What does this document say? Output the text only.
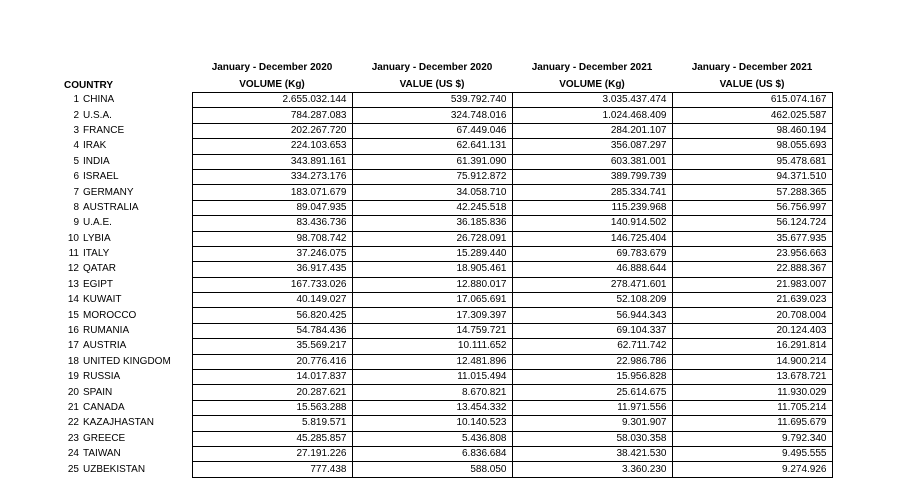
		January - December 2020	January - December 2020	January - December 2021	January - December 2021
COUNTRY		VOLUME (Kg)	VALUE (US $)	VOLUME (Kg)	VALUE (US $)
1	CHINA	2.655.032.144	539.792.740	3.035.437.474	615.074.167
2	U.S.A.	784.287.083	324.748.016	1.024.468.409	462.025.587
3	FRANCE	202.267.720	67.449.046	284.201.107	98.460.194
4	IRAK	224.103.653	62.641.131	356.087.297	98.055.693
5	INDIA	343.891.161	61.391.090	603.381.001	95.478.681
6	ISRAEL	334.273.176	75.912.872	389.799.739	94.371.510
7	GERMANY	183.071.679	34.058.710	285.334.741	57.288.365
8	AUSTRALIA	89.047.935	42.245.518	115.239.968	56.756.997
9	U.A.E.	83.436.736	36.185.836	140.914.502	56.124.724
10	LYBIA	98.708.742	26.728.091	146.725.404	35.677.935
11	ITALY	37.246.075	15.289.440	69.783.679	23.956.663
12	QATAR	36.917.435	18.905.461	46.888.644	22.888.367
13	EGIPT	167.733.026	12.880.017	278.471.601	21.983.007
14	KUWAIT	40.149.027	17.065.691	52.108.209	21.639.023
15	MOROCCO	56.820.425	17.309.397	56.944.343	20.708.004
16	RUMANIA	54.784.436	14.759.721	69.104.337	20.124.403
17	AUSTRIA	35.569.217	10.111.652	62.711.742	16.291.814
18	UNITED KINGDOM	20.776.416	12.481.896	22.986.786	14.900.214
19	RUSSIA	14.017.837	11.015.494	15.956.828	13.678.721
20	SPAIN	20.287.621	8.670.821	25.614.675	11.930.029
21	CANADA	15.563.288	13.454.332	11.971.556	11.705.214
22	KAZAJHASTAN	5.819.571	10.140.523	9.301.907	11.695.679
23	GREECE	45.285.857	5.436.808	58.030.358	9.792.340
24	TAIWAN	27.191.226	6.836.684	38.421.530	9.495.555
25	UZBEKISTAN	777.438	588.050	3.360.230	9.274.926
